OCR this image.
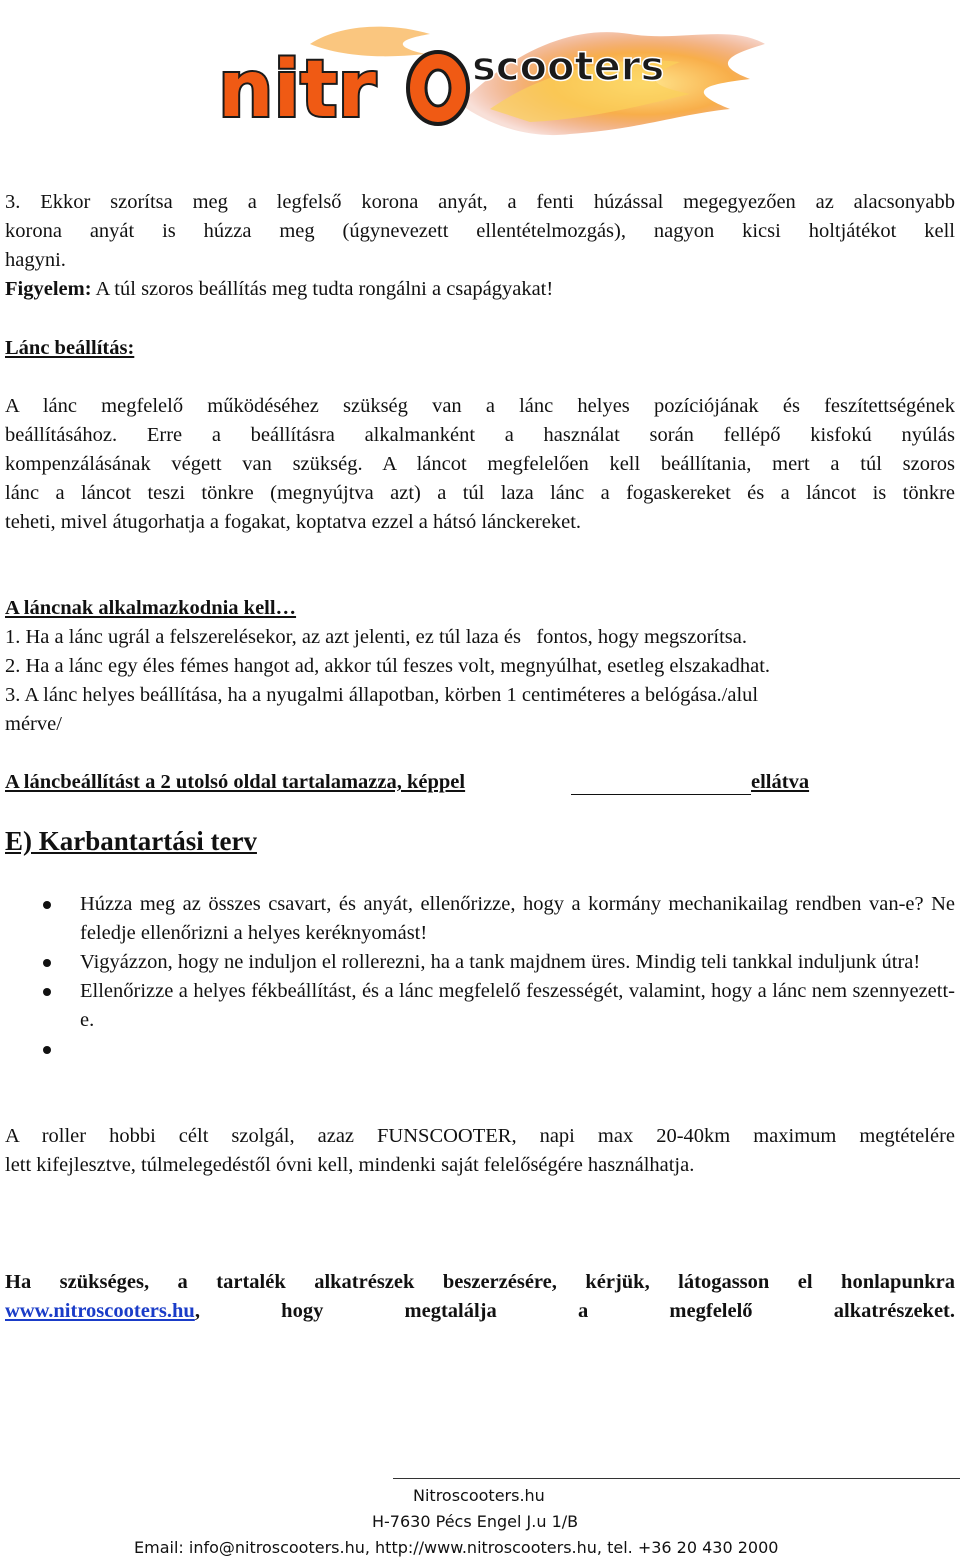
nitr scooters

3. Ekkor szorítsa meg a legfelső korona anyát, a fenti húzással megegyezően az alacsonyabb

korona anyát is húzza meg (úgynevezett ellentételmozgás), nagyon kicsi holtjátékot kell

hagyni.

Figyelem: A túl szoros beállítás meg tudta rongálni a csapágyakat!

Lánc beállítás:

A lánc megfelelő működéséhez szükség van a lánc helyes pozíciójának és feszítettségének

beállításához. Erre a beállításra alkalmanként a használat során fellépő kisfokú nyúlás

kompenzálásának végett van szükség. A láncot megfelelően kell beállítania, mert a túl szoros

lánc a láncot teszi tönkre (megnyújtva azt) a túl laza lánc a fogaskereket és a láncot is tönkre

teheti, mivel átugorhatja a fogakat, koptatva ezzel a hátsó lánckereket.

A láncnak alkalmazkodnia kell…

1. Ha a lánc ugrál a felszerelésekor, az azt jelenti, ez túl laza és   fontos, hogy megszorítsa.

2. Ha a lánc egy éles fémes hangot ad, akkor túl feszes volt, megnyúlhat, esetleg elszakadhat.

3. A lánc helyes beállítása, ha a nyugalmi állapotban, körben 1 centiméteres a belógása./alul

mérve/

A láncbeállítást a 2 utolsó oldal tartalamazza, képpel	ellátva
E) Karbantartási terv
Húzza meg az összes csavart, és anyát, ellenőrizze, hogy a kormány mechanikailag rendben van-e? Ne feledje ellenőrizni a helyes keréknyomást!
Vigyázzon, hogy ne induljon el rollerezni, ha a tank majdnem üres. Mindig teli tankkal induljunk útra!
Ellenőrizze a helyes fékbeállítást, és a lánc megfelelő feszességét, valamint, hogy a lánc nem szennyezett-e.

A roller hobbi célt szolgál, azaz FUNSCOOTER, napi max 20-40km maximum megtételére

lett kifejlesztve, túlmelegedéstől óvni kell, mindenki saját felelőségére használhatja.

Ha szükséges, a tartalék alkatrészek beszerzésére, kérjük, látogasson el honlapunkra

www.nitroscooters.hu, hogy megtalálja a megfelelő alkatrészeket.

Nitroscooters.hu
H-7630 Pécs Engel J.u 1/B
Email: info@nitroscooters.hu, http://www.nitroscooters.hu, tel. +36 20 430 2000
